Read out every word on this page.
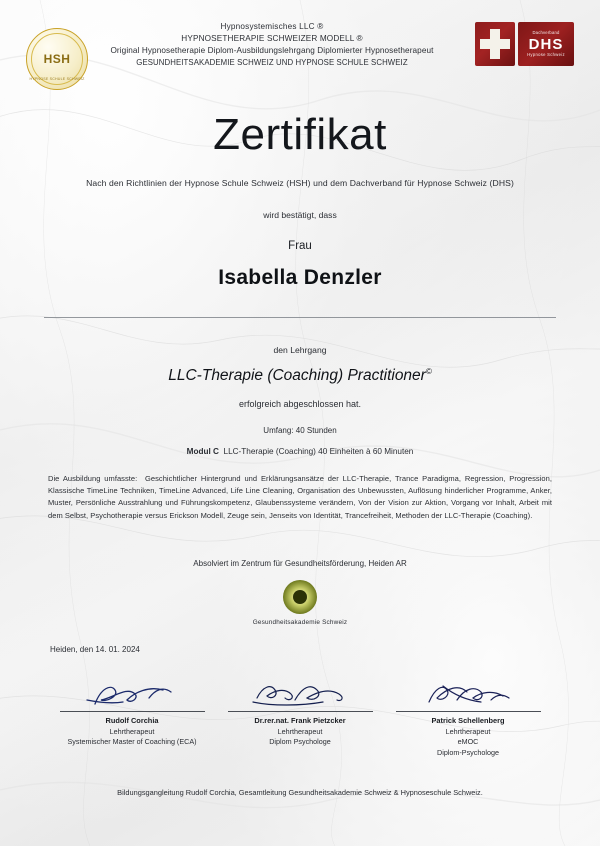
HSH
HYPNOSE SCHULE SCHWEIZ
Hypnosystemisches LLC ®
HYPNOSETHERAPIE SCHWEIZER MODELL ®
Original Hypnosetherapie Diplom-Ausbildungslehrgang Diplomierter Hypnosetherapeut
GESUNDHEITSAKADEMIE SCHWEIZ UND HYPNOSE SCHULE SCHWEIZ
Dachverband
DHS
Hypnose Schweiz
Zertifikat
Nach den Richtlinien der Hypnose Schule Schweiz (HSH) und dem Dachverband für Hypnose Schweiz (DHS)
wird bestätigt, dass
Frau
Isabella Denzler
den Lehrgang
LLC-Therapie (Coaching) Practitioner©
erfolgreich abgeschlossen hat.
Umfang: 40 Stunden
Modul C LLC-Therapie (Coaching) 40 Einheiten à 60 Minuten
Die Ausbildung umfasste: Geschichtlicher Hintergrund und Erklärungsansätze der LLC-Therapie, Trance Paradigma, Regression, Progression, Klassische TimeLine Techniken, TimeLine Advanced, Life Line Cleaning, Organisation des Unbewussten, Auflösung hinderlicher Programme, Anker, Muster, Persönliche Ausstrahlung und Führungskompetenz, Glaubenssysteme verändern, Von der Vision zur Aktion, Vorgang vor Inhalt, Arbeit mit dem Selbst, Psychotherapie versus Erickson Modell, Zeuge sein, Jenseits von Identität, Trancefreiheit, Methoden der LLC-Therapie (Coaching).
Absolviert im Zentrum für Gesundheitsförderung, Heiden AR
Gesundheitsakademie Schweiz
Heiden, den 14. 01. 2024
Rudolf Corchia
Lehrtherapeut
Systemischer Master of Coaching (ECA)
Dr.rer.nat. Frank Pietzcker
Lehrtherapeut
Diplom Psychologe
Patrick Schellenberg
Lehrtherapeut
eMOC
Diplom-Psychologe
Bildungsgangleitung Rudolf Corchia, Gesamtleitung Gesundheitsakademie Schweiz & Hypnoseschule Schweiz.
